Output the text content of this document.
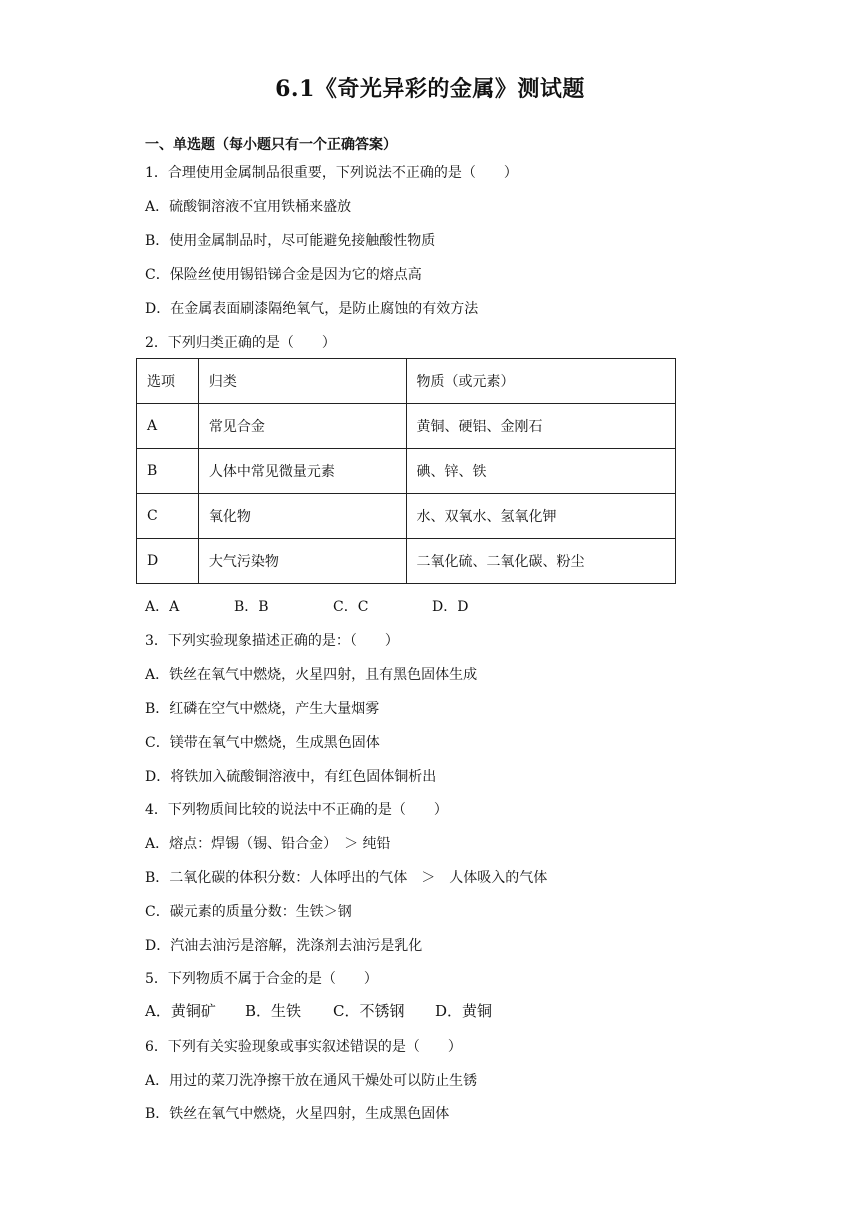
6.1《奇光异彩的金属》测试题
一、单选题（每小题只有一个正确答案）
1．合理使用金属制品很重要，下列说法不正确的是（　　）
A．硫酸铜溶液不宜用铁桶来盛放
B．使用金属制品时，尽可能避免接触酸性物质
C．保险丝使用锡铅锑合金是因为它的熔点高
D．在金属表面刷漆隔绝氧气，是防止腐蚀的有效方法
2．下列归类正确的是（　　）
选项	归类	物质（或元素）
A	常见合金	黄铜、硬铝、金刚石
B	人体中常见微量元素	碘、锌、铁
C	氧化物	水、双氧水、氢氧化钾
D	大气污染物	二氧化硫、二氧化碳、粉尘
A．A	B．B	C．C	D．D
3．下列实验现象描述正确的是：（　　）
A．铁丝在氧气中燃烧，火星四射，且有黑色固体生成
B．红磷在空气中燃烧，产生大量烟雾
C．镁带在氧气中燃烧，生成黑色固体
D．将铁加入硫酸铜溶液中，有红色固体铜析出
4．下列物质间比较的说法中不正确的是（　　）
A．熔点：焊锡（锡、铅合金）　＞ 纯铅
B．二氧化碳的体积分数：人体呼出的气体　＞　人体吸入的气体
C．碳元素的质量分数：生铁＞钢
D．汽油去油污是溶解，洗涤剂去油污是乳化
5．下列物质不属于合金的是（　　）
A．黄铜矿 B．生铁 C．不锈钢 D．黄铜
6．下列有关实验现象或事实叙述错误的是（　　）
A．用过的菜刀洗净擦干放在通风干燥处可以防止生锈
B．铁丝在氧气中燃烧，火星四射，生成黑色固体
